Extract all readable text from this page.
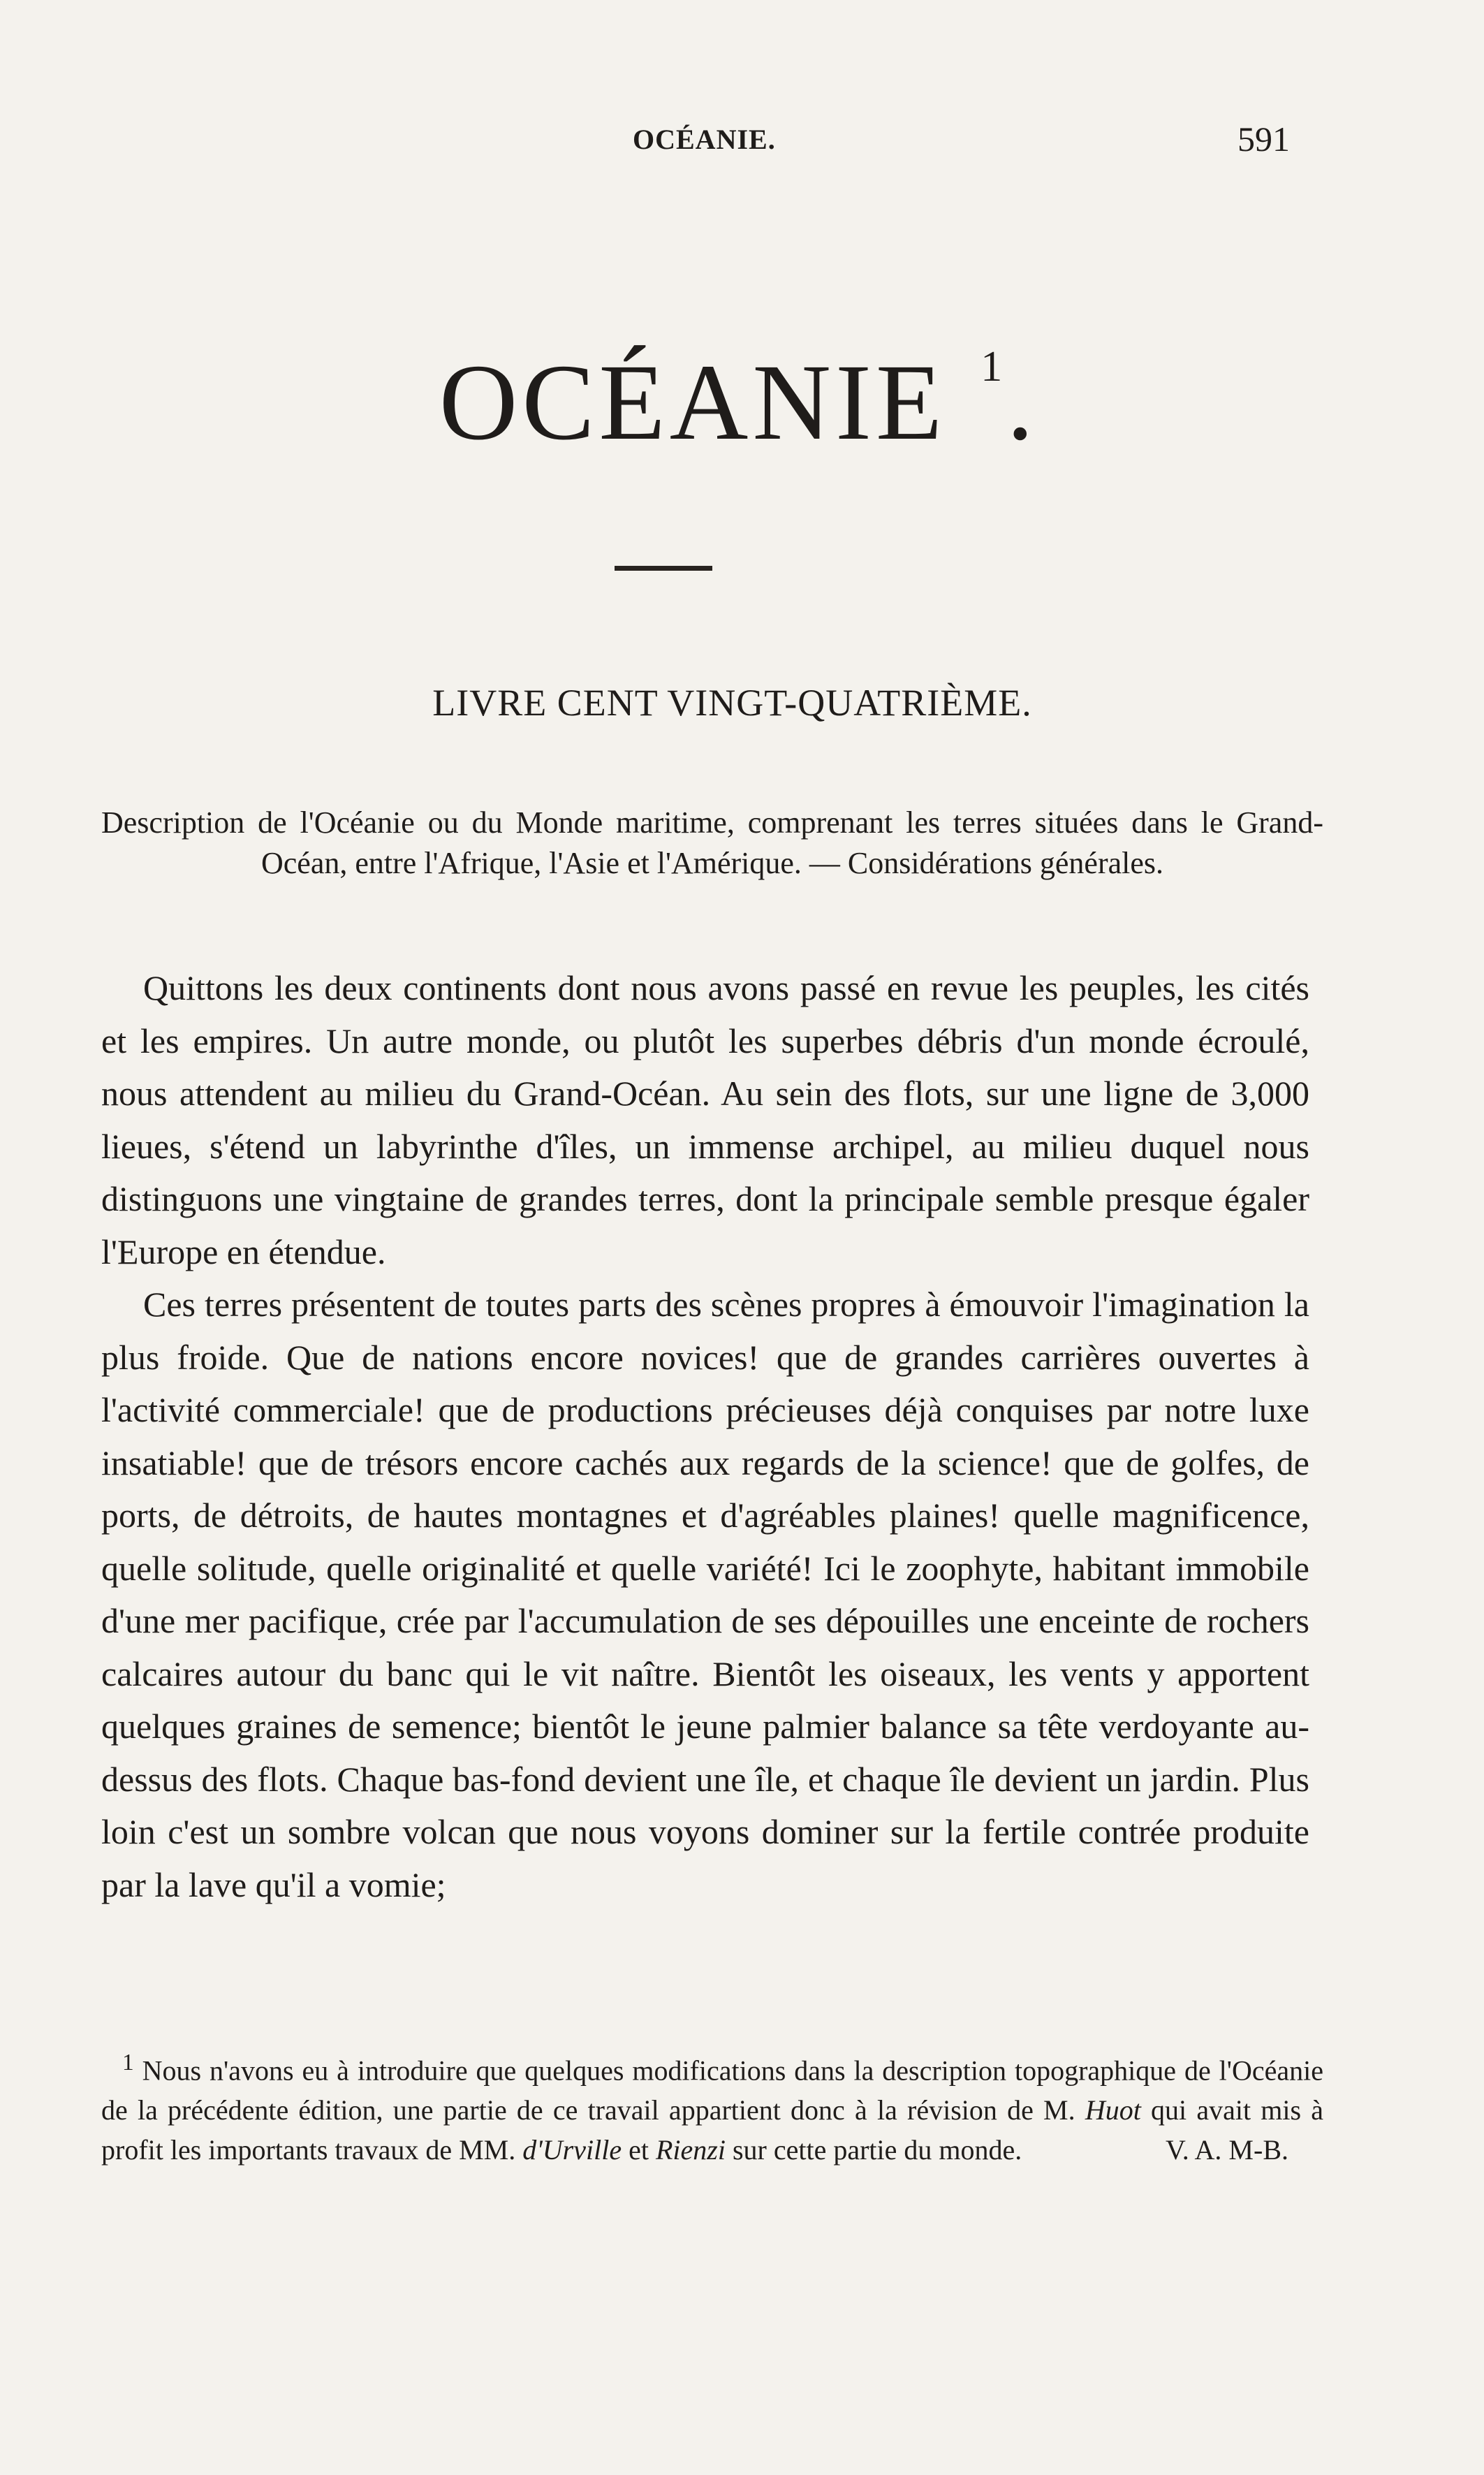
OCÉANIE.	591
OCÉANIE $^1$.
LIVRE CENT VINGT-QUATRIÈME.
Description de l'Océanie ou du Monde maritime, comprenant les terres situées dans le Grand-Océan, entre l'Afrique, l'Asie et l'Amérique. — Considérations générales.

Quittons les deux continents dont nous avons passé en revue les peuples, les cités et les empires. Un autre monde, ou plutôt les superbes débris d'un monde écroulé, nous attendent au milieu du Grand-Océan. Au sein des flots, sur une ligne de 3,000 lieues, s'étend un labyrinthe d'îles, un immense archipel, au milieu duquel nous distinguons une vingtaine de grandes terres, dont la principale semble presque égaler l'Europe en étendue.

Ces terres présentent de toutes parts des scènes propres à émouvoir l'imagination la plus froide. Que de nations encore novices! que de grandes carrières ouvertes à l'activité commerciale! que de productions précieuses déjà conquises par notre luxe insatiable! que de trésors encore cachés aux regards de la science! que de golfes, de ports, de détroits, de hautes montagnes et d'agréables plaines! quelle magnificence, quelle solitude, quelle originalité et quelle variété! Ici le zoophyte, habitant immobile d'une mer pacifique, crée par l'accumulation de ses dépouilles une enceinte de rochers calcaires autour du banc qui le vit naître. Bientôt les oiseaux, les vents y apportent quelques graines de semence; bientôt le jeune palmier balance sa tête verdoyante au-dessus des flots. Chaque bas-fond devient une île, et chaque île devient un jardin. Plus loin c'est un sombre volcan que nous voyons dominer sur la fertile contrée produite par la lave qu'il a vomie;

$^1$ Nous n'avons eu à introduire que quelques modifications dans la description topographique de l'Océanie de la précédente édition, une partie de ce travail appartient donc à la révision de M. Huot qui avait mis à profit les importants travaux de MM. d'Urville et Rienzi sur cette partie du monde.	V. A. M-B.
